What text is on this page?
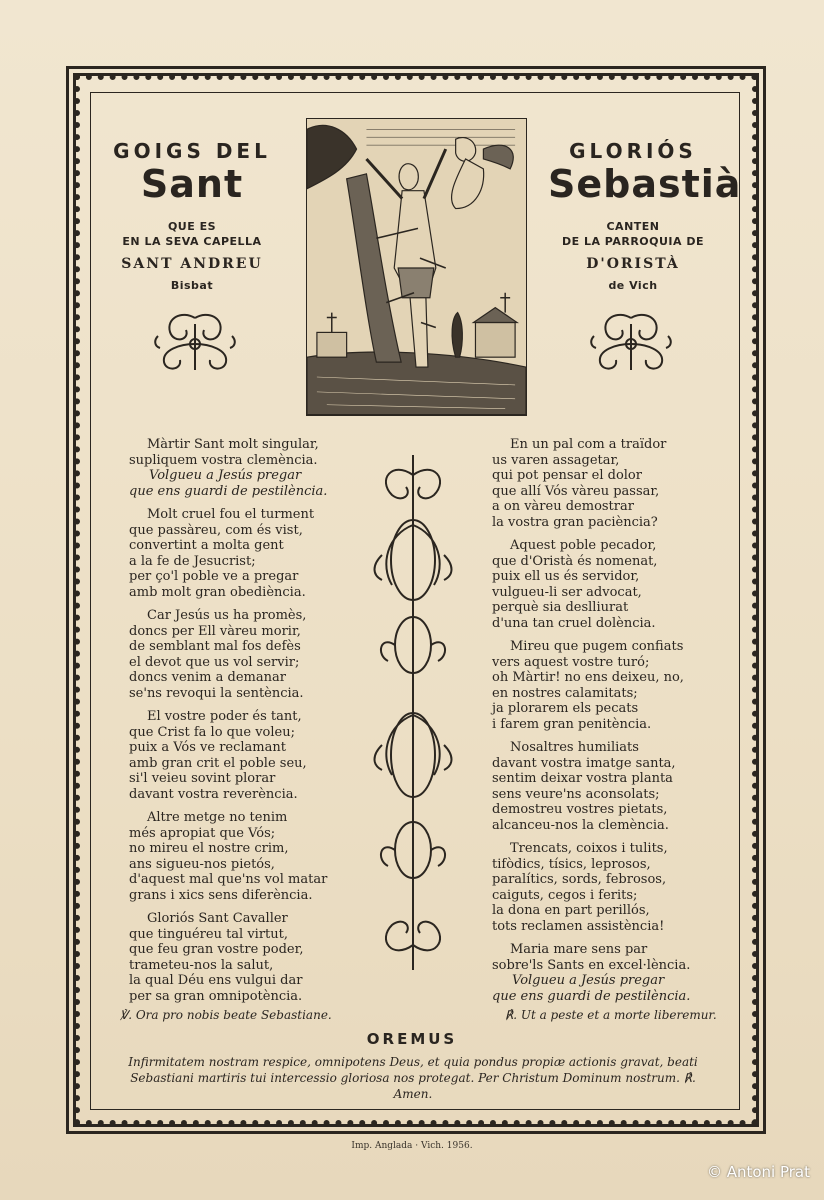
GOIGS DEL
Sant
QUE ES
EN LA SEVA CAPELLA
SANT ANDREU
Bisbat
GLORIÓS
Sebastià
CANTEN
DE LA PARROQUIA DE
D'ORISTÀ
de Vich
Màrtir Sant molt singular,
supliquem vostra clemència.
Volgueu a Jesús pregar
que ens guardi de pestilència.
Molt cruel fou el turment
que passàreu, com és vist,
convertint a molta gent
a la fe de Jesucrist;
per ço'l poble ve a pregar
amb molt gran obediència.
Car Jesús us ha promès,
doncs per Ell vàreu morir,
de semblant mal fos defès
el devot que us vol servir;
doncs venim a demanar
se'ns revoqui la sentència.
El vostre poder és tant,
que Crist fa lo que voleu;
puix a Vós ve reclamant
amb gran crit el poble seu,
si'l veieu sovint plorar
davant vostra reverència.
Altre metge no tenim
més apropiat que Vós;
no mireu el nostre crim,
ans sigueu-nos pietós,
d'aquest mal que'ns vol matar
grans i xics sens diferència.
Gloriós Sant Cavaller
que tinguéreu tal virtut,
que feu gran vostre poder,
trameteu-nos la salut,
la qual Déu ens vulgui dar
per sa gran omnipotència.
En un pal com a traïdor
us varen assagetar,
qui pot pensar el dolor
que allí Vós vàreu passar,
a on vàreu demostrar
la vostra gran paciència?
Aquest poble pecador,
que d'Oristà és nomenat,
puix ell us és servidor,
vulgueu-li ser advocat,
perquè sia deslliurat
d'una tan cruel dolència.
Mireu que pugem confiats
vers aquest vostre turó;
oh Màrtir! no ens deixeu, no,
en nostres calamitats;
ja plorarem els pecats
i farem gran penitència.
Nosaltres humiliats
davant vostra imatge santa,
sentim deixar vostra planta
sens veure'ns aconsolats;
demostreu vostres pietats,
alcanceu-nos la clemència.
Trencats, coixos i tulits,
tifòdics, tísics, leprosos,
paralítics, sords, febrosos,
caiguts, cegos i ferits;
la dona en part perillós,
tots reclamen assistència!
Maria mare sens par
sobre'ls Sants en excel·lència.
Volgueu a Jesús pregar
que ens guardi de pestilència.
℣. Ora pro nobis beate Sebastiane.	℟. Ut a peste et a morte liberemur.
OREMUS
Infirmitatem nostram respice, omnipotens Deus, et quia pondus propiæ actionis gravat, beati Sebastiani martiris tui intercessio gloriosa nos protegat. Per Christum Dominum nostrum. ℟. Amen.
Imp. Anglada · Vich. 1956.
© Antoni Prat
